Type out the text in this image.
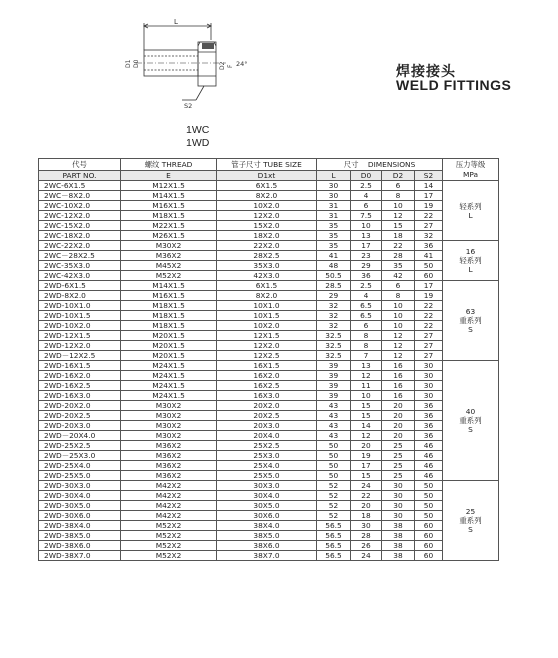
L
D1 D0	D2 F 24°
S2
焊接接头
WELD FITTINGS
1WC
1WD
代号	螺纹 THREAD	管子尺寸 TUBE SIZE	尺寸 DIMENSIONS				压力等级
MPa

PART NO.	E	D1xt	L	D0	D2	S2	
2WC-6X1.5	M12X1.5	6X1.5	30	2.5	6	14	轻系列
L

2WC－8X2.0	M14X1.5	8X2.0	30	4	8	17	
2WC-10X2.0	M16X1.5	10X2.0	31	6	10	19	
2WC-12X2.0	M18X1.5	12X2.0	31	7.5	12	22	
2WC-15X2.0	M22X1.5	15X2.0	35	10	15	27	
2WC-18X2.0	M26X1.5	18X2.0	35	13	18	32	
2WC-22X2.0	M30X2	22X2.0	35	17	22	36	16
轻系列
L

2WC－28X2.5	M36X2	28X2.5	41	23	28	41	
2WC-35X3.0	M45X2	35X3.0	48	29	35	50	
2WC-42X3.0	M52X2	42X3.0	50.5	36	42	60	
2WD-6X1.5	M14X1.5	6X1.5	28.5	2.5	6	17	63
重系列
S

2WD-8X2.0	M16X1.5	8X2.0	29	4	8	19	
2WD-10X1.0	M18X1.5	10X1.0	32	6.5	10	22	
2WD-10X1.5	M18X1.5	10X1.5	32	6.5	10	22	
2WD-10X2.0	M18X1.5	10X2.0	32	6	10	22	
2WD-12X1.5	M20X1.5	12X1.5	32.5	8	12	27	
2WD-12X2.0	M20X1.5	12X2.0	32.5	8	12	27	
2WD－12X2.5	M20X1.5	12X2.5	32.5	7	12	27	
2WD-16X1.5	M24X1.5	16X1.5	39	13	16	30	40
重系列
S

2WD-16X2.0	M24X1.5	16X2.0	39	12	16	30	
2WD-16X2.5	M24X1.5	16X2.5	39	11	16	30	
2WD-16X3.0	M24X1.5	16X3.0	39	10	16	30	
2WD-20X2.0	M30X2	20X2.0	43	15	20	36	
2WD-20X2.5	M30X2	20X2.5	43	15	20	36	
2WD-20X3.0	M30X2	20X3.0	43	14	20	36	
2WD－20X4.0	M30X2	20X4.0	43	12	20	36	
2WD-25X2.5	M36X2	25X2.5	50	20	25	46	
2WD－25X3.0	M36X2	25X3.0	50	19	25	46	
2WD-25X4.0	M36X2	25X4.0	50	17	25	46	
2WD-25X5.0	M36X2	25X5.0	50	15	25	46	
2WD-30X3.0	M42X2	30X3.0	52	24	30	50	25
重系列
S

2WD-30X4.0	M42X2	30X4.0	52	22	30	50	
2WD-30X5.0	M42X2	30X5.0	52	20	30	50	
2WD-30X6.0	M42X2	30X6.0	52	18	30	50	
2WD-38X4.0	M52X2	38X4.0	56.5	30	38	60	
2WD-38X5.0	M52X2	38X5.0	56.5	28	38	60	
2WD-38X6.0	M52X2	38X6.0	56.5	26	38	60	
2WD-38X7.0	M52X2	38X7.0	56.5	24	38	60	
